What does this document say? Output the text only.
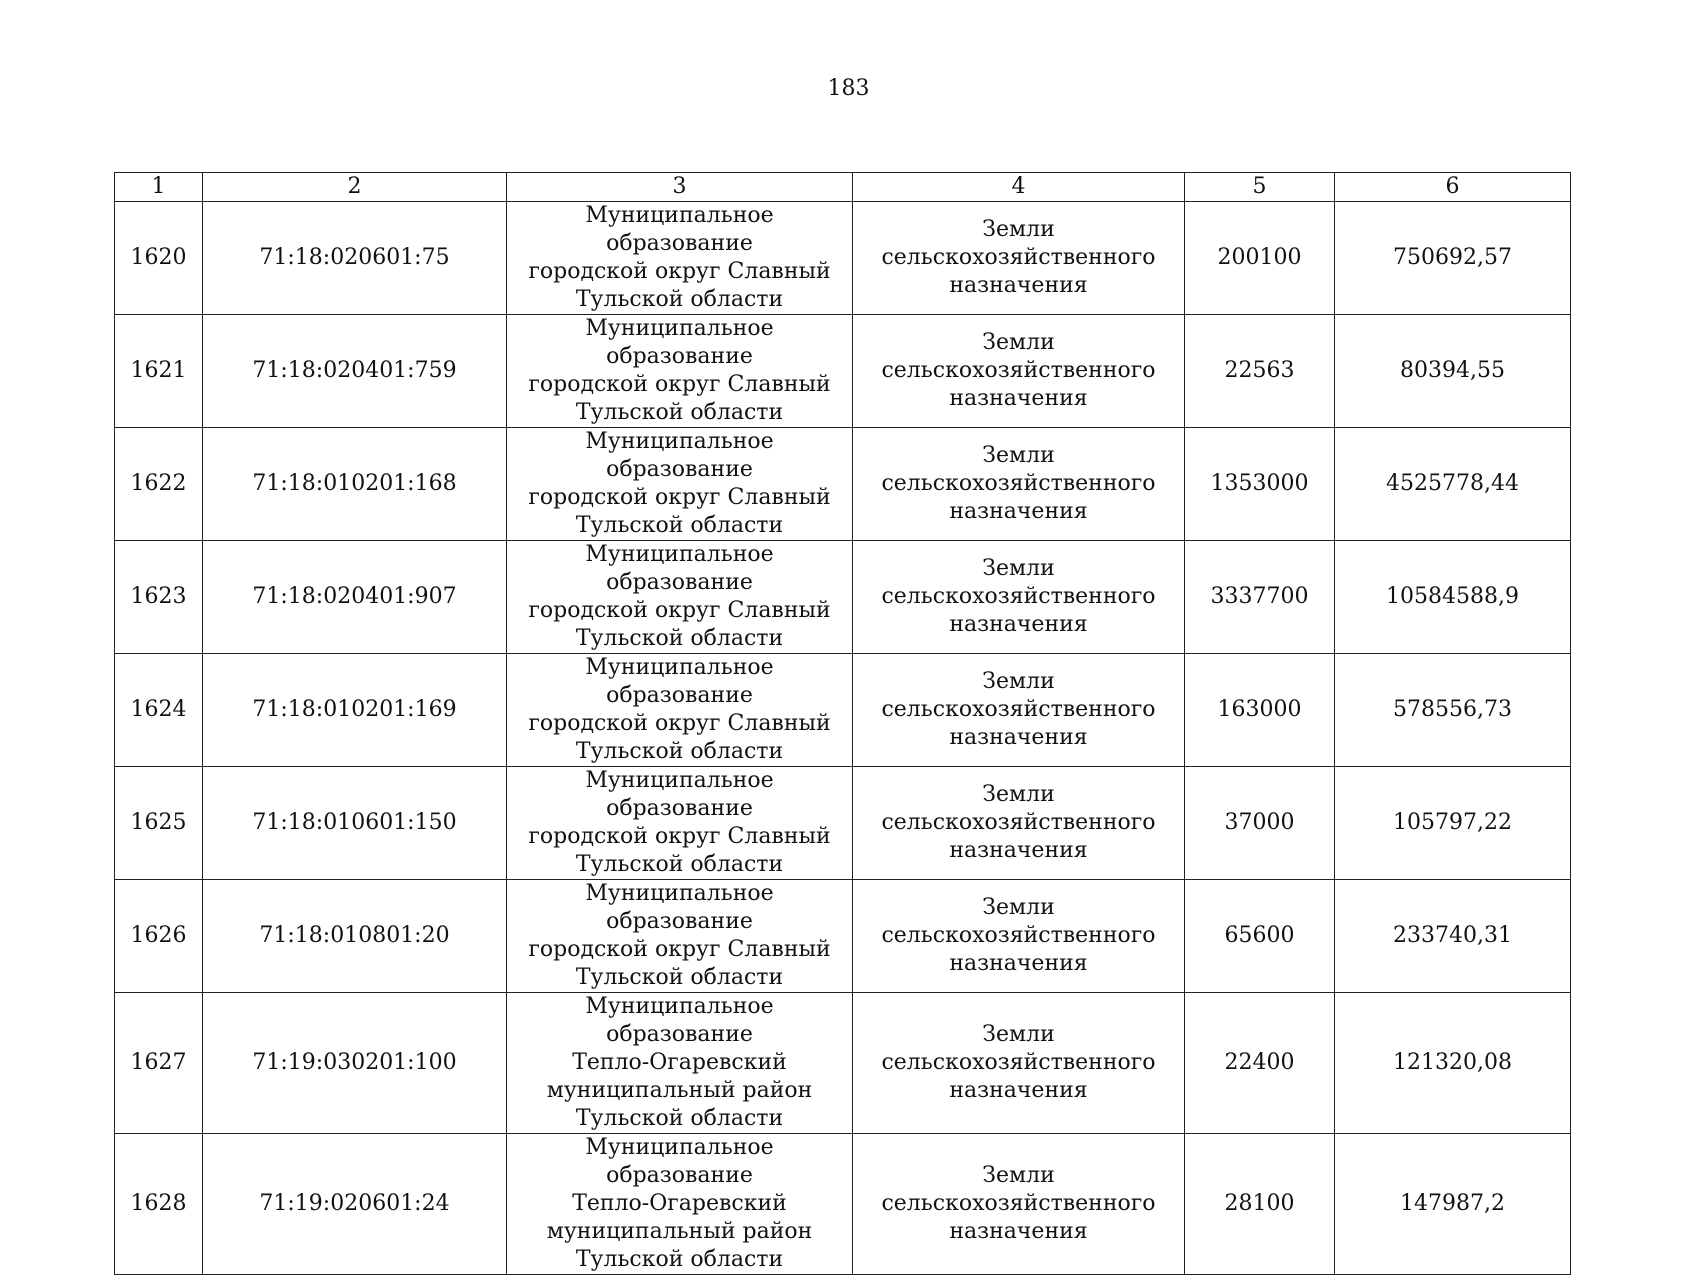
183
1	2	3	4	5	6
1620	71:18:020601:75	Муниципальное образование
городской округ Славный
Тульской области	Земли
сельскохозяйственного
назначения	200100	750692,57
1621	71:18:020401:759	Муниципальное образование
городской округ Славный
Тульской области	Земли
сельскохозяйственного
назначения	22563	80394,55
1622	71:18:010201:168	Муниципальное образование
городской округ Славный
Тульской области	Земли
сельскохозяйственного
назначения	1353000	4525778,44
1623	71:18:020401:907	Муниципальное образование
городской округ Славный
Тульской области	Земли
сельскохозяйственного
назначения	3337700	10584588,9
1624	71:18:010201:169	Муниципальное образование
городской округ Славный
Тульской области	Земли
сельскохозяйственного
назначения	163000	578556,73
1625	71:18:010601:150	Муниципальное образование
городской округ Славный
Тульской области	Земли
сельскохозяйственного
назначения	37000	105797,22
1626	71:18:010801:20	Муниципальное образование
городской округ Славный
Тульской области	Земли
сельскохозяйственного
назначения	65600	233740,31
1627	71:19:030201:100	Муниципальное образование
Тепло-Огаревский
муниципальный район
Тульской области	Земли
сельскохозяйственного
назначения	22400	121320,08
1628	71:19:020601:24	Муниципальное образование
Тепло-Огаревский
муниципальный район
Тульской области	Земли
сельскохозяйственного
назначения	28100	147987,2
